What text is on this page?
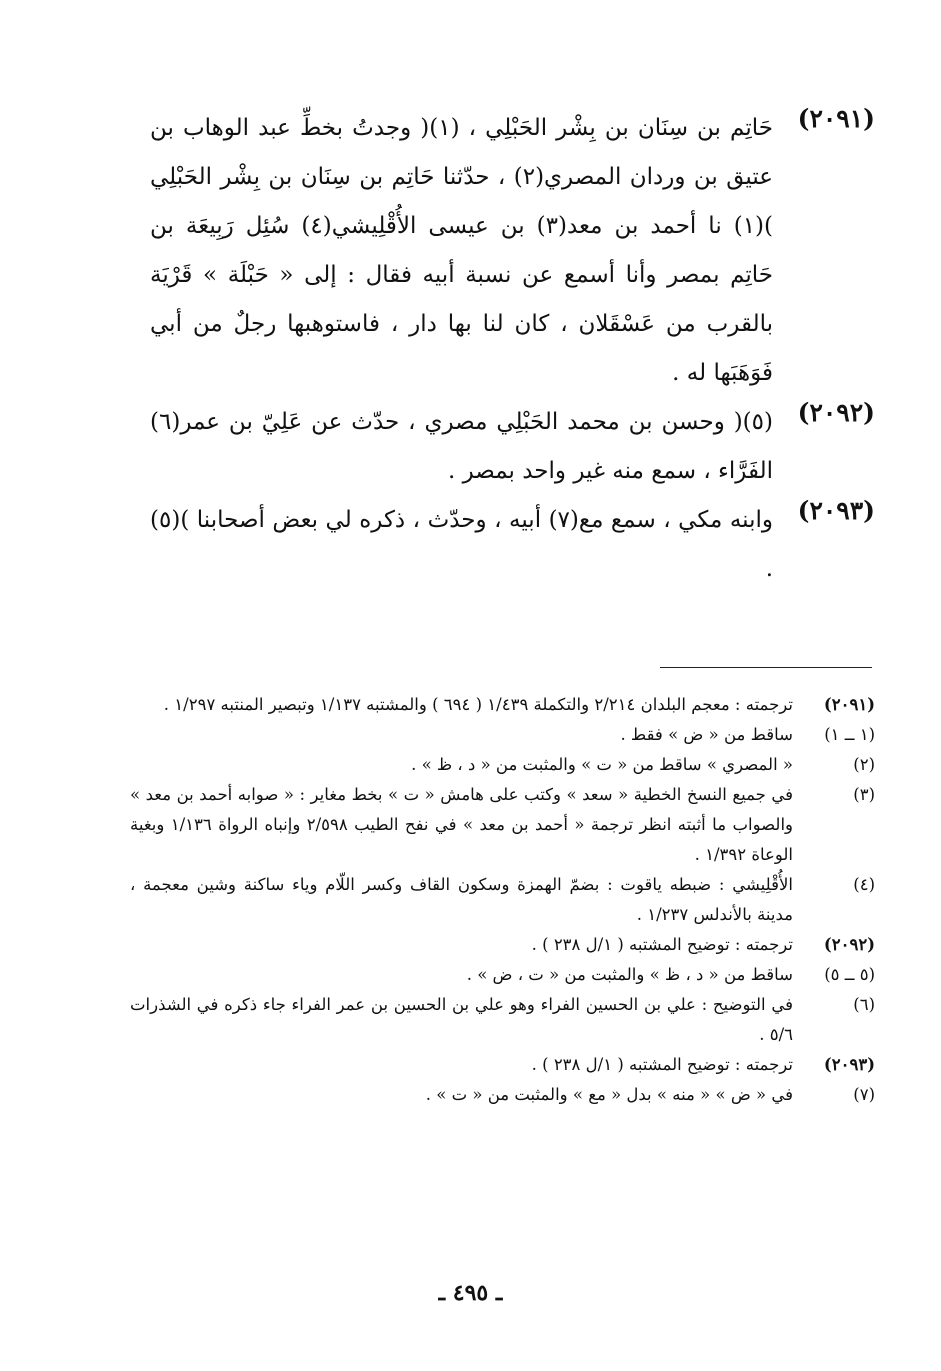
(٢٠٩١)
حَاتِم بن سِنَان بن بِشْر الحَبْلِي ، (١)( وجدتُ بخطِّ عبد الوهاب بن عتيق بن وردان المصري(٢) ، حدّثنا حَاتِم بن سِنَان بن بِشْر الحَبْلِي )(١) نا أحمد بن معد(٣) بن عيسى الأُقْلِيشي(٤) سُئِل رَبِيعَة بن حَاتِم بمصر وأنا أسمع عن نسبة أبيه فقال : إلى « حَبْلَة » قَرْيَة بالقرب من عَسْقَلان ، كان لنا بها دار ، فاستوهبها رجلٌ من أبي فَوَهَبَها له .
(٢٠٩٢)
(٥)( وحسن بن محمد الحَبْلِي مصري ، حدّث عن عَلِيّ بن عمر(٦) الفَرَّاء ، سمع منه غير واحد بمصر .
(٢٠٩٣)
وابنه مكي ، سمع مع(٧) أبيه ، وحدّث ، ذكره لي بعض أصحابنا )(٥) .
(٢٠٩١)
ترجمته : معجم البلدان ٢/٢١٤ والتكملة ١/٤٣٩ ( ٦٩٤ ) والمشتبه ١/١٣٧ وتبصير المنتبه ١/٢٩٧ .
(١ ــ ١)
ساقط من « ض » فقط .
(٢)
« المصري » ساقط من « ت » والمثبت من « د ، ظ » .
(٣)
في جميع النسخ الخطية « سعد » وكتب على هامش « ت » بخط مغاير : « صوابه أحمد بن معد » والصواب ما أثبته انظر ترجمة « أحمد بن معد » في نفح الطيب ٢/٥٩٨ وإنباه الرواة ١/١٣٦ وبغية الوعاة ١/٣٩٢ .
(٤)
الأُقْلِيشي : ضبطه ياقوت : بضمّ الهمزة وسكون القاف وكسر اللّام وياء ساكنة وشين معجمة ، مدينة بالأندلس ١/٢٣٧ .
(٢٠٩٢)
ترجمته : توضيح المشتبه ( ١/ل ٢٣٨ ) .
(٥ ــ ٥)
ساقط من « د ، ظ » والمثبت من « ت ، ض » .
(٦)
في التوضيح : علي بن الحسين الفراء وهو علي بن الحسين بن عمر الفراء جاء ذكره في الشذرات ٥/٦ .
(٢٠٩٣)
ترجمته : توضيح المشتبه ( ١/ل ٢٣٨ ) .
(٧)
في « ض » « منه » بدل « مع » والمثبت من « ت » .
ـ ٤٩٥ ـ
